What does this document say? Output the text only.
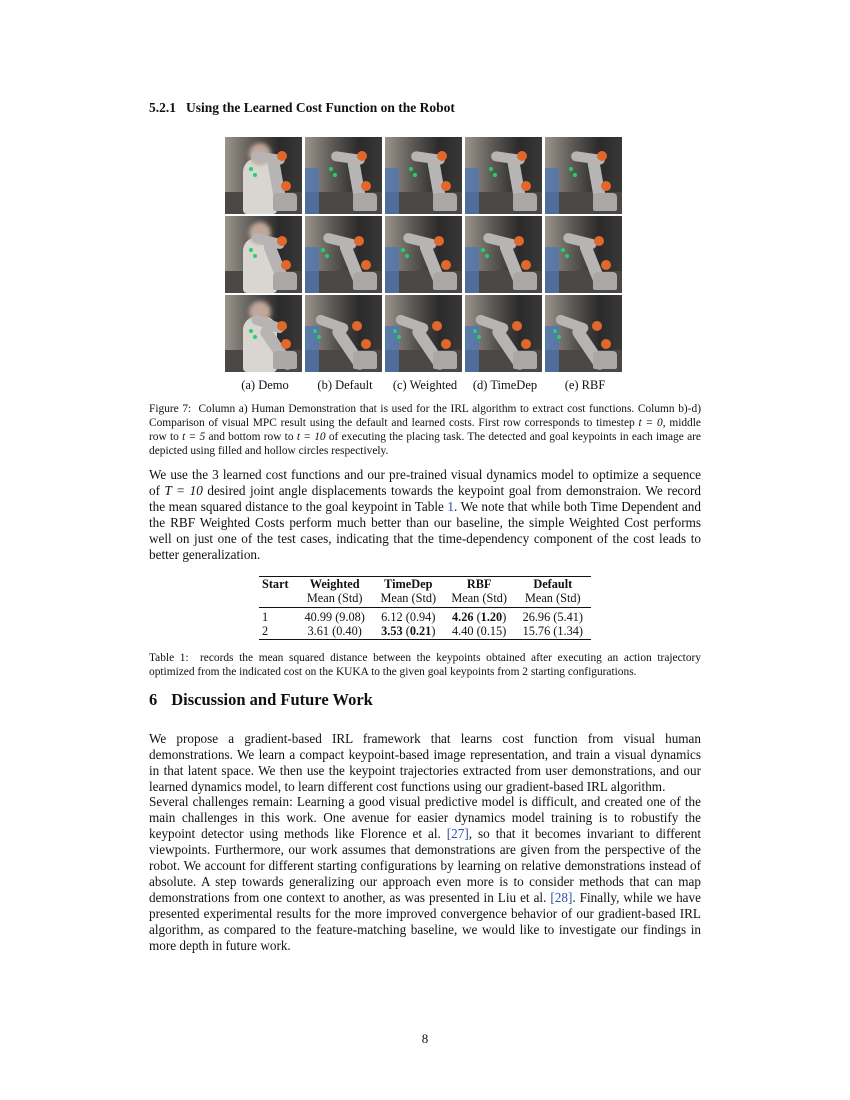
5.2.1 Using the Learned Cost Function on the Robot
(a) Demo	(b) Default	(c) Weighted	(d) TimeDep	(e) RBF
Figure 7: Column a) Human Demonstration that is used for the IRL algorithm to extract cost functions. Column b)-d) Comparison of visual MPC result using the default and learned costs. First row corresponds to timestep t = 0, middle row to t = 5 and bottom row to t = 10 of executing the placing task. The detected and goal keypoints in each image are depicted using filled and hollow circles respectively.
We use the 3 learned cost functions and our pre-trained visual dynamics model to optimize a sequence of T = 10 desired joint angle displacements towards the keypoint goal from demonstraion. We record the mean squared distance to the goal keypoint in Table 1. We note that while both Time Dependent and the RBF Weighted Costs perform much better than our baseline, the simple Weighted Cost performs well on just one of the test cases, indicating that the time-dependency component of the cost leads to better generalization.
Start	Weighted	TimeDep	RBF	Default
	Mean (Std)	Mean (Std)	Mean (Std)	Mean (Std)
1	40.99 (9.08)	6.12 (0.94)	4.26 (1.20)	26.96 (5.41)
2	3.61 (0.40)	3.53 (0.21)	4.40 (0.15)	15.76 (1.34)
Table 1: records the mean squared distance between the keypoints obtained after executing an action trajectory optimized from the indicated cost on the KUKA to the given goal keypoints from 2 starting configurations.
6 Discussion and Future Work
We propose a gradient-based IRL framework that learns cost function from visual human demonstrations. We learn a compact keypoint-based image representation, and train a visual dynamics in that latent space. We then use the keypoint trajectories extracted from user demonstrations, and our learned dynamics model, to learn different cost functions using our gradient-based IRL algorithm.
Several challenges remain: Learning a good visual predictive model is difficult, and created one of the main challenges in this work. One avenue for easier dynamics model training is to robustify the keypoint detector using methods like Florence et al. [27], so that it becomes invariant to different viewpoints. Furthermore, our work assumes that demonstrations are given from the perspective of the robot. We account for different starting configurations by learning on relative demonstrations instead of absolute. A step towards generalizing our approach even more is to consider methods that can map demonstrations from one context to another, as was presented in Liu et al. [28]. Finally, while we have presented experimental results for the more improved convergence behavior of our gradient-based IRL algorithm, as compared to the feature-matching baseline, we would like to investigate our findings in more depth in future work.
8
